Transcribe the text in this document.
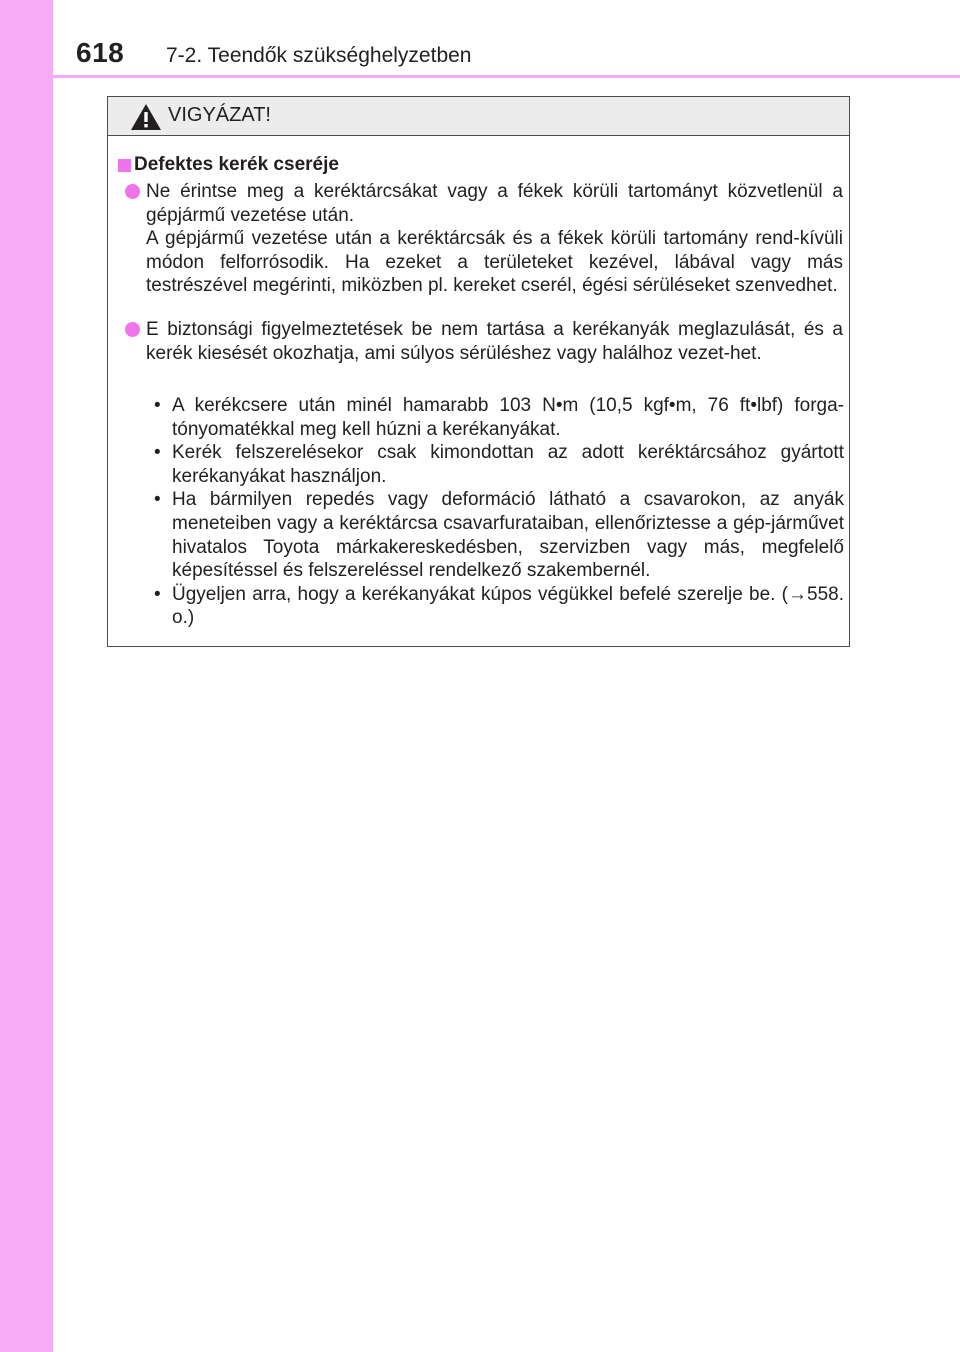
618 7-2. Teendők szükséghelyzetben
VIGYÁZAT!
Defektes kerék cseréje

Ne érintse meg a keréktárcsákat vagy a fékek körüli tartományt közvetlenül a gépjármű vezetése után.

A gépjármű vezetése után a keréktárcsák és a fékek körüli tartomány rend-kívüli módon felforrósodik. Ha ezeket a területeket kezével, lábával vagy más testrészével megérinti, miközben pl. kereket cserél, égési sérüléseket szenvedhet.

E biztonsági figyelmeztetések be nem tartása a kerékanyák meglazulását, és a kerék kiesését okozhatja, ami súlyos sérüléshez vagy halálhoz vezet-het.

• A kerékcsere után minél hamarabb 103 N•m (10,5 kgf•m, 76 ft•lbf) forga-tónyomatékkal meg kell húzni a kerékanyákat.
• Kerék felszerelésekor csak kimondottan az adott keréktárcsához gyártott kerékanyákat használjon.
• Ha bármilyen repedés vagy deformáció látható a csavarokon, az anyák meneteiben vagy a keréktárcsa csavarfurataiban, ellenőriztesse a gép-járművet hivatalos Toyota márkakereskedésben, szervizben vagy más, megfelelő képesítéssel és felszereléssel rendelkező szakembernél.
• Ügyeljen arra, hogy a kerékanyákat kúpos végükkel befelé szerelje be. (→558. o.)
